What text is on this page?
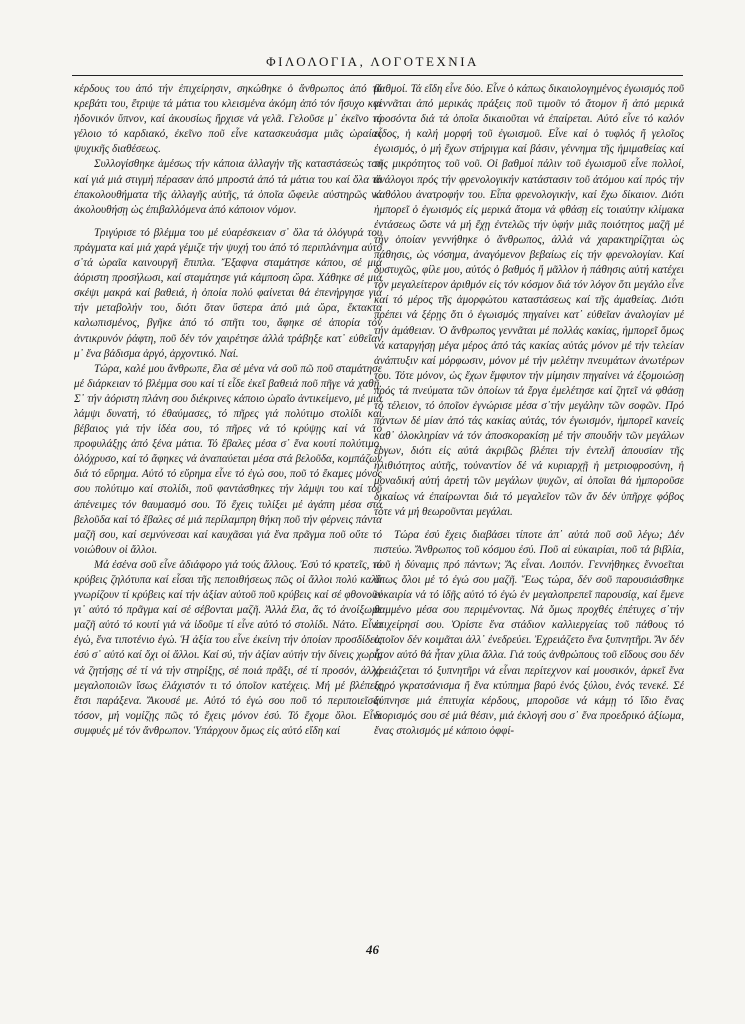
ΦΙΛΟΛΟΓΙΑ, ΛΟΓΟΤΕΧΝΙΑ

κέρδους του ἀπό τήν ἐπιχείρησιν, σηκώθηκε ὁ ἄνθρωπος ἀπό τό κρεβάτι του, ἔτριψε τά μάτια του κλεισμένα ἀκόμη ἀπό τόν ἥσυχο καί ἡδονικόν ὕπνον, καί ἀκουσίως ἤρχισε νά γελᾶ. Γελοῦσε μ᾿ ἐκεῖνο τό γέλοιο τό καρδιακό, ἐκεῖνο ποῦ εἶνε κατασκευάσμα μιᾶς ὡραίας ψυχικῆς διαθέσεως.

Συλλογίσθηκε ἀμέσως τήν κάποια ἀλλαγήν τῆς καταστάσεώς του καί γιά μιά στιγμή πέρασαν ἀπό μπροστά ἀπό τά μάτια του καί ὅλα τά ἐπακολουθήματα τῆς ἀλλαγῆς αὐτῆς, τά ὁποῖα ὤφειλε αὐστηρῶς νά ἀκολουθήσῃ ὡς ἐπιβαλλόμενα ἀπό κάποιον νόμον.

Τριγύρισε τό βλέμμα του μέ εὐαρέσκειαν σ᾿ ὅλα τά ὁλόγυρά του πράγματα καί μιά χαρά γέμιζε τήν ψυχή του ἀπό τό περιπλάνημα αὐτό σ᾿τά ὡραῖα καινουργῆ ἔπιπλα. Ἔξαφνα σταμάτησε κάπου, σέ μιά ἀόριστη προσήλωσι, καί σταμάτησε γιά κάμποση ὥρα. Χάθηκε σέ μιά σκέψι μακρά καί βαθειά, ἡ ὁποία πολύ φαίνεται θά ἐπενήργησε γιά τήν μεταβολήν του, διότι ὅταν ὕστερα ἀπό μιά ὥρα, ἔκτακτα καλωπισμένος, βγῆκε ἀπό τό σπῆτι του, ἄφηκε σέ ἀπορία τόν ἀντικρυνόν ῥάφτη, ποῦ δέν τόν χαιρέτησε ἀλλά τράβηξε κατ᾿ εὐθεῖαν μ᾿ ἕνα βάδισμα ἀργό, ἀρχοντικό. Ναί.

Τώρα, καλέ μου ἄνθρωπε, ἔλα σέ μένα νά σοῦ πῶ ποῦ σταμάτησε μέ διάρκειαν τό βλέμμα σου καί τί εἶδε ἐκεῖ βαθειά ποῦ πῆγε νά χαθῇ. Σ᾿ τήν ἀόριστη πλάνη σου διέκρινες κάποιο ὡραῖο ἀντικείμενο, μέ μιά λάμψι δυνατή, τό ἐθαύμασες, τό πῆρες γιά πολύτιμο στολίδι καί βέβαιος γιά τήν ἰδέα σου, τό πῆρες νά τό κρύψῃς καί νά τό προφυλάξῃς ἀπό ξένα μάτια. Τό ἔβαλες μέσα σ᾿ ἕνα κουτί πολύτιμο, ὁλόχρυσο, καί τό ἄφηκες νά ἀναπαύεται μέσα στά βελοῦδα, κομπάζων διά τό εὕρημα. Αὐτό τό εὕρημα εἶνε τό ἐγώ σου, ποῦ τό ἔκαμες μόνος σου πολύτιμο καί στολίδι, ποῦ φαντάσθηκες τήν λάμψι του καί τοῦ ἀπένειμες τόν θαυμασμό σου. Τό ἔχεις τυλίξει μέ ἀγάπη μέσα στά βελοῦδα καί τό ἔβαλες σέ μιά περίλαμπρη θήκη ποῦ τήν φέρνεις πάντα μαζῆ σου, καί σεμνύνεσαι καί καυχᾶσαι γιά ἕνα πρᾶγμα ποῦ οὔτε τό νοιώθουν οἱ ἄλλοι.

Μά ἐσένα σοῦ εἶνε ἀδιάφορο γιά τούς ἄλλους. Ἐσύ τό κρατεῖς, τό κρύβεις ζηλότυπα καί εἶσαι τῆς πεποιθήσεως πῶς οἱ ἄλλοι πολύ καλά γνωρίζουν τί κρύβεις καί τήν ἀξίαν αὐτοῦ ποῦ κρύβεις καί σέ φθονοῦν γι᾿ αὐτό τό πρᾶγμα καί σέ σέβονται μαζῆ. Ἀλλά ἔλα, ἄς τό ἀνοίξωμε μαζῆ αὐτό τό κουτί γιά νά ἰδοῦμε τί εἶνε αὐτό τό στολίδι. Νάτο. Εἶνα ἐγώ, ἕνα τιποτένιο ἐγώ. Ἡ ἀξία του εἶνε ἐκείνη τήν ὁποίαν προσδίδεις ἐσύ σ᾿ αὐτό καί ὄχι οἱ ἄλλοι. Καί σύ, τήν ἀξίαν αὐτήν τήν δίνεις χωρίς νά ζητήσῃς σέ τί νά τήν στηρίξῃς, σέ ποιά πρᾶξι, σέ τί προσόν, ἀλλά μεγαλοποιῶν ἴσως ἐλάχιστόν τι τό ὁποῖον κατέχεις. Μή μέ βλέπεις ἔτσι παράξενα. Ἄκουσέ με. Αὐτό τό ἐγώ σου ποῦ τό περιποιεῖσαι τόσον, μή νομίζῃς πῶς τό ἔχεις μόνον ἐσύ. Τό ἔχομε ὅλοι. Εἶνε συμφυές μέ τόν ἄνθρωπον. Ὑπάρχουν ὅμως εἰς αὐτό εἴδη καί

βαθμοί. Τά εἴδη εἶνε δύο. Εἶνε ὁ κάπως δικαιολογημένος ἐγωισμός ποῦ γεννᾶται ἀπό μερικάς πράξεις ποῦ τιμοῦν τό ἄτομον ἤ ἀπό μερικά προσόντα διά τά ὁποῖα δικαιοῦται νά ἐπαίρεται. Αὐτό εἶνε τό καλόν εἶδος, ἡ καλή μορφή τοῦ ἐγωισμοῦ. Εἶνε καί ὁ τυφλός ἤ γελοῖος ἐγωισμός, ὁ μή ἔχων στήριγμα καί βάσιν, γέννημα τῆς ἡμιμαθείας καί τῆς μικρότητος τοῦ νοῦ. Οἱ βαθμοί πάλιν τοῦ ἐγωισμοῦ εἶνε πολλοί, ἀνάλογοι πρός τήν φρενολογικήν κατάστασιν τοῦ ἀτόμου καί πρός τήν καθόλου ἀνατροφήν του. Εἶπα φρενολογικήν, καί ἔχω δίκαιον. Διότι ἠμπορεῖ ὁ ἐγωισμός εἰς μερικά ἄτομα νά φθάσῃ εἰς τοιαύτην κλίμακα ἐντάσεως ὥστε νά μή ἔχῃ ἐντελῶς τήν ὑφήν μιᾶς ποιότητος μαζῆ μέ τήν ὁποίαν γεννήθηκε ὁ ἄνθρωπος, ἀλλά νά χαρακτηρίζηται ὡς πάθησις, ὡς νόσημα, ἀναγόμενον βεβαίως εἰς τήν φρενολογίαν. Καί δυστυχῶς, φίλε μου, αὐτός ὁ βαθμός ἤ μᾶλλον ἡ πάθησις αὐτή κατέχει τόν μεγαλείτερον ἀριθμόν εἰς τόν κόσμον διά τόν λόγον ὅτι μεγάλο εἶνε καί τό μέρος τῆς ἀμορφώτου καταστάσεως καί τῆς ἀμαθείας. Διότι πρέπει νά ξέρῃς ὅτι ὁ ἐγωισμός πηγαίνει κατ᾿ εὐθεῖαν ἀναλογίαν μέ τήν ἀμάθειαν. Ὁ ἄνθρωπος γεννᾶται μέ πολλάς κακίας, ἠμπορεῖ ὅμως νά καταργήσῃ μέγα μέρος ἀπό τάς κακίας αὐτάς μόνον μέ τήν τελείαν ἀνάπτυξιν καί μόρφωσιν, μόνον μέ τήν μελέτην πνευμάτων ἀνωτέρων του. Τότε μόνον, ὡς ἔχων ἔμφυτον τήν μίμησιν πηγαίνει νά ἐξομοιώσῃ πρός τά πνεύματα τῶν ὁποίων τά ἔργα ἐμελέτησε καί ζητεῖ νά φθάσῃ τό τέλειον, τό ὁποῖον ἐγνώρισε μέσα σ᾿τήν μεγάλην τῶν σοφῶν. Πρό πάντων δέ μίαν ἀπό τάς κακίας αὐτάς, τόν ἐγωισμόν, ἠμπορεῖ κανείς καθ᾿ ὁλοκληρίαν νά τόν ἀποσκορακίσῃ μέ τήν σπουδήν τῶν μεγάλων ἔργων, διότι εἰς αὐτά ἀκριβῶς βλέπει τήν ἐντελῆ ἀπουσίαν τῆς ἠλιθιότητος αὐτῆς, τοὐναντίον δέ νά κυριαρχῇ ἡ μετριοφροσύνη, ἡ μοναδική αὐτή ἀρετή τῶν μεγάλων ψυχῶν, αἱ ὁποῖαι θά ἠμποροῦσε δικαίως νά ἐπαίρωνται διά τό μεγαλεῖον τῶν ἄν δέν ὑπῆρχε φόβος τότε νά μή θεωροῦνται μεγάλαι.

Τώρα ἐσύ ἔχεις διαβάσει τίποτε ἀπ᾿ αὐτά ποῦ σοῦ λέγω; Δέν πιστεύω. Ἄνθρωπος τοῦ κόσμου ἐσύ. Ποῦ αἱ εὐκαιρίαι, ποῦ τά βιβλία, ποῦ ἡ δύναμις πρό πάντων; Ἄς εἶναι. Λοιπόν. Γεννήθηκες ἔννοεῖται ὅπως ὅλοι μέ τό ἐγώ σου μαζῆ. Ἕως τώρα, δέν σοῦ παρουσιάσθηκε εὐκαιρία νά τό ἰδῇς αὐτό τό ἐγώ ἐν μεγαλοπρεπεῖ παρουσίᾳ, καί ἔμενε θαμμένο μέσα σου περιμένοντας. Νά ὅμως προχθές ἐπέτυχες σ᾿τήν ἐπιχείρησί σου. Ὁρίστε ἕνα στάδιον καλλιεργείας τοῦ πάθους τό ὁποῖον δέν κοιμᾶται ἀλλ᾿ ἐνεδρεύει. Ἐχρειάζετο ἕνα ξυπνητῆρι. Ἄν δέν ἦτον αὐτό θά ἦταν χίλια ἄλλα. Γιά τούς ἀνθρώπους τοῦ εἴδους σου δέν χρειάζεται τό ξυπνητῆρι νά εἶναι περίτεχνον καί μουσικόν, ἀρκεῖ ἕνα ξηρό γκρατσάνισμα ἤ ἕνα κτύπημα βαρύ ἑνός ξύλου, ἑνός τενεκέ. Σέ ξύπνησε μιά ἐπιτυχία κέρδους, μποροῦσε νά κάμῃ τό ἴδιο ἕνας διορισμός σου σέ μιά θέσιν, μιά ἐκλογή σου σ᾿ ἕνα προεδρικό ἀξίωμα, ἕνας στολισμός μέ κάποιο ὀφφί-

46
